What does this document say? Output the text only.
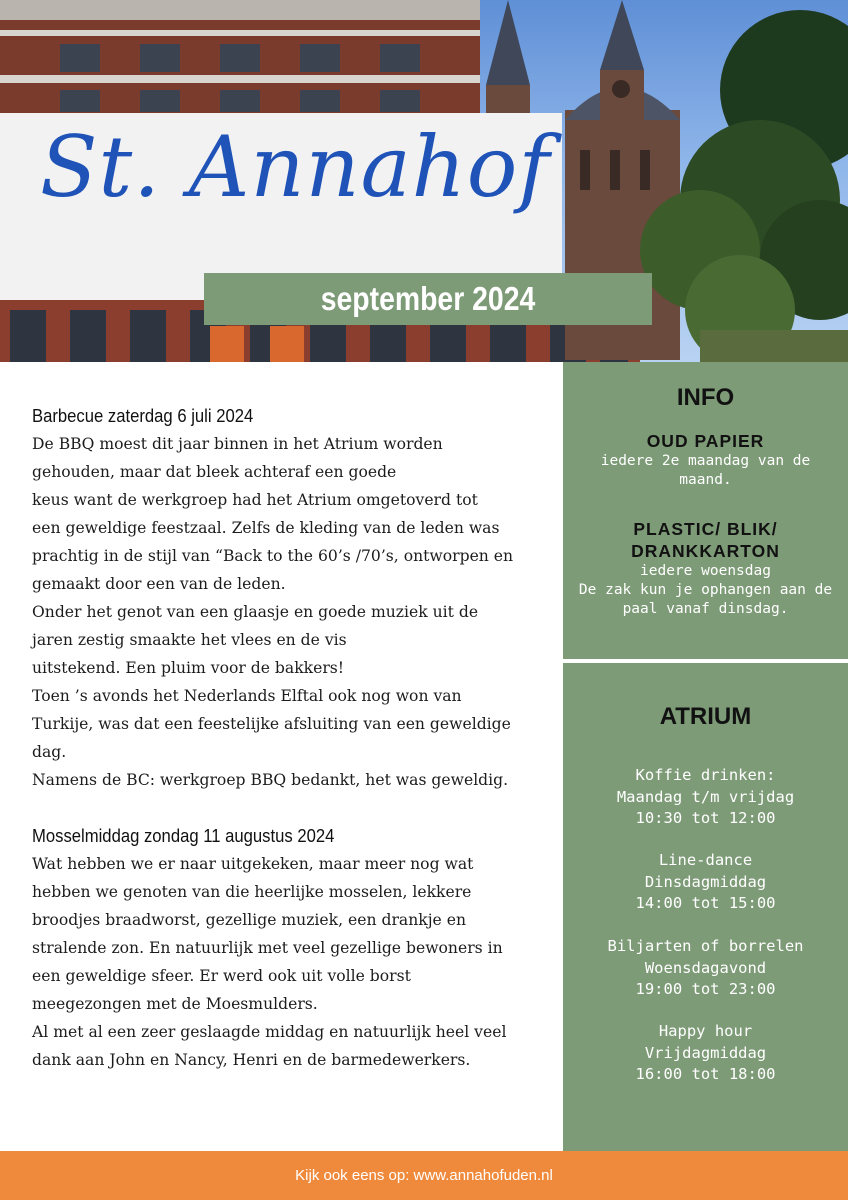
St. Annahof
september 2024
Barbecue zaterdag 6 juli 2024

De BBQ moest dit jaar binnen in het Atrium worden
gehouden, maar dat bleek achteraf een goede
keus want de werkgroep had het Atrium omgetoverd tot
een geweldige feestzaal. Zelfs de kleding van de leden was
prachtig in de stijl van “Back to the 60’s /70’s, ontworpen en
gemaakt door een van de leden.
Onder het genot van een glaasje en goede muziek uit de
jaren zestig smaakte het vlees en de vis
uitstekend. Een pluim voor de bakkers!
Toen ’s avonds het Nederlands Elftal ook nog won van
Turkije, was dat een feestelijke afsluiting van een geweldige
dag.
Namens de BC: werkgroep BBQ bedankt, het was geweldig.

Mosselmiddag zondag 11 augustus 2024

Wat hebben we er naar uitgekeken, maar meer nog wat
hebben we genoten van die heerlijke mosselen, lekkere
broodjes braadworst, gezellige muziek, een drankje en
stralende zon. En natuurlijk met veel gezellige bewoners in
een geweldige sfeer. Er werd ook uit volle borst
meegezongen met de Moesmulders.
Al met al een zeer geslaagde middag en natuurlijk heel veel
dank aan John en Nancy, Henri en de barmedewerkers.

INFO
OUD PAPIER
iedere 2e maandag van de
maand.
PLASTIC/ BLIK/
DRANKKARTON
iedere woensdag
De zak kun je ophangen aan de
paal vanaf dinsdag.
ATRIUM
Koffie drinken:
Maandag t/m vrijdag
10:30 tot 12:00
Line-dance
Dinsdagmiddag
14:00 tot 15:00
Biljarten of borrelen
Woensdagavond
19:00 tot 23:00
Happy hour
Vrijdagmiddag
16:00 tot 18:00
Kijk ook eens op: www.annahofuden.nl
